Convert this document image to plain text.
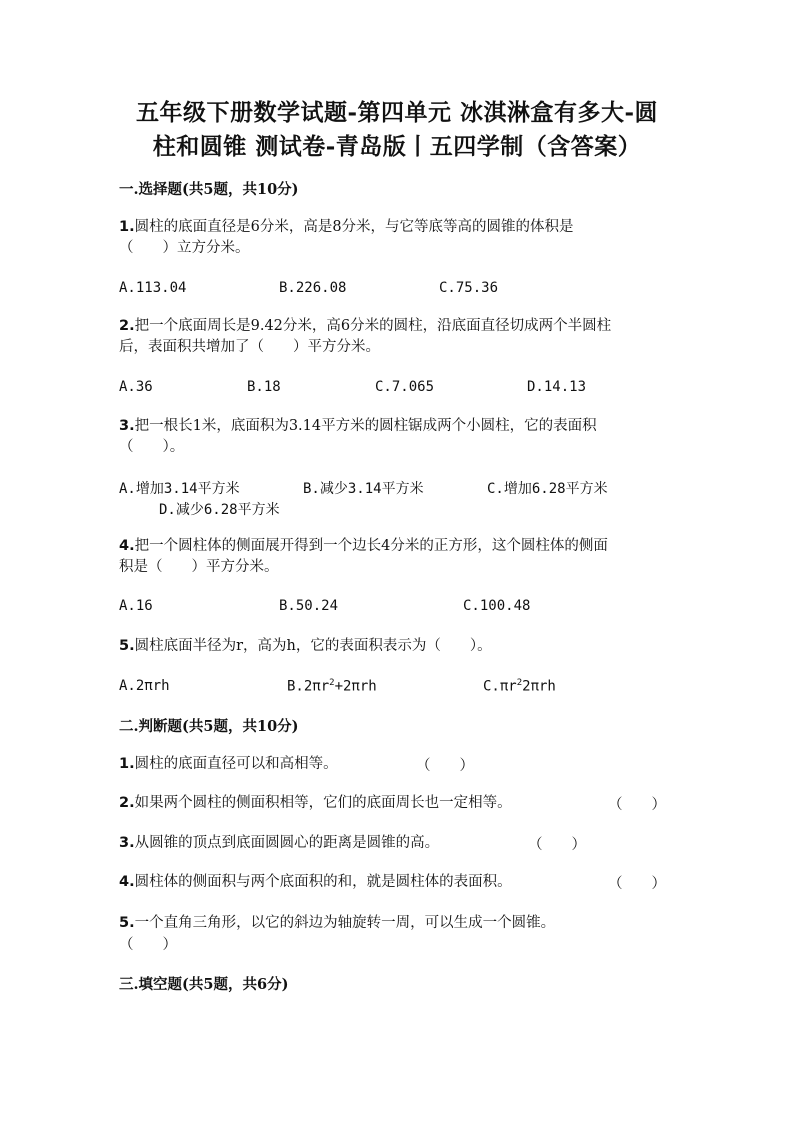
五年级下册数学试题-第四单元 冰淇淋盒有多大-圆
柱和圆锥 测试卷-青岛版丨五四学制（含答案）
一.选择题(共5题，共10分)
1.圆柱的底面直径是6分米，高是8分米，与它等底等高的圆锥的体积是
（　　）立方分米。
A.113.04	B.226.08	C.75.36
2.把一个底面周长是9.42分米，高6分米的圆柱，沿底面直径切成两个半圆柱
后，表面积共增加了（　　）平方分米。
A.36	B.18	C.7.065	D.14.13
3.把一根长1米，底面积为3.14平方米的圆柱锯成两个小圆柱，它的表面积
（　　）。
A.增加3.14平方米	B.减少3.14平方米	C.增加6.28平方米
D.减少6.28平方米
4.把一个圆柱体的侧面展开得到一个边长4分米的正方形，这个圆柱体的侧面
积是（　　）平方分米。
A.16	B.50.24	C.100.48
5.圆柱底面半径为r，高为h，它的表面积表示为（　　）。
A.2πrh	$B.2\pi r^2+2\pi rh$	$C.\pi r^22\pi rh$
二.判断题(共5题，共10分)
1.圆柱的底面直径可以和高相等。	（　　）
2.如果两个圆柱的侧面积相等，它们的底面周长也一定相等。	（　　）
3.从圆锥的顶点到底面圆圆心的距离是圆锥的高。	（　　）
4.圆柱体的侧面积与两个底面积的和，就是圆柱体的表面积。	（　　）
5.一个直角三角形，以它的斜边为轴旋转一周，可以生成一个圆锥。
（　　）
三.填空题(共5题，共6分)
